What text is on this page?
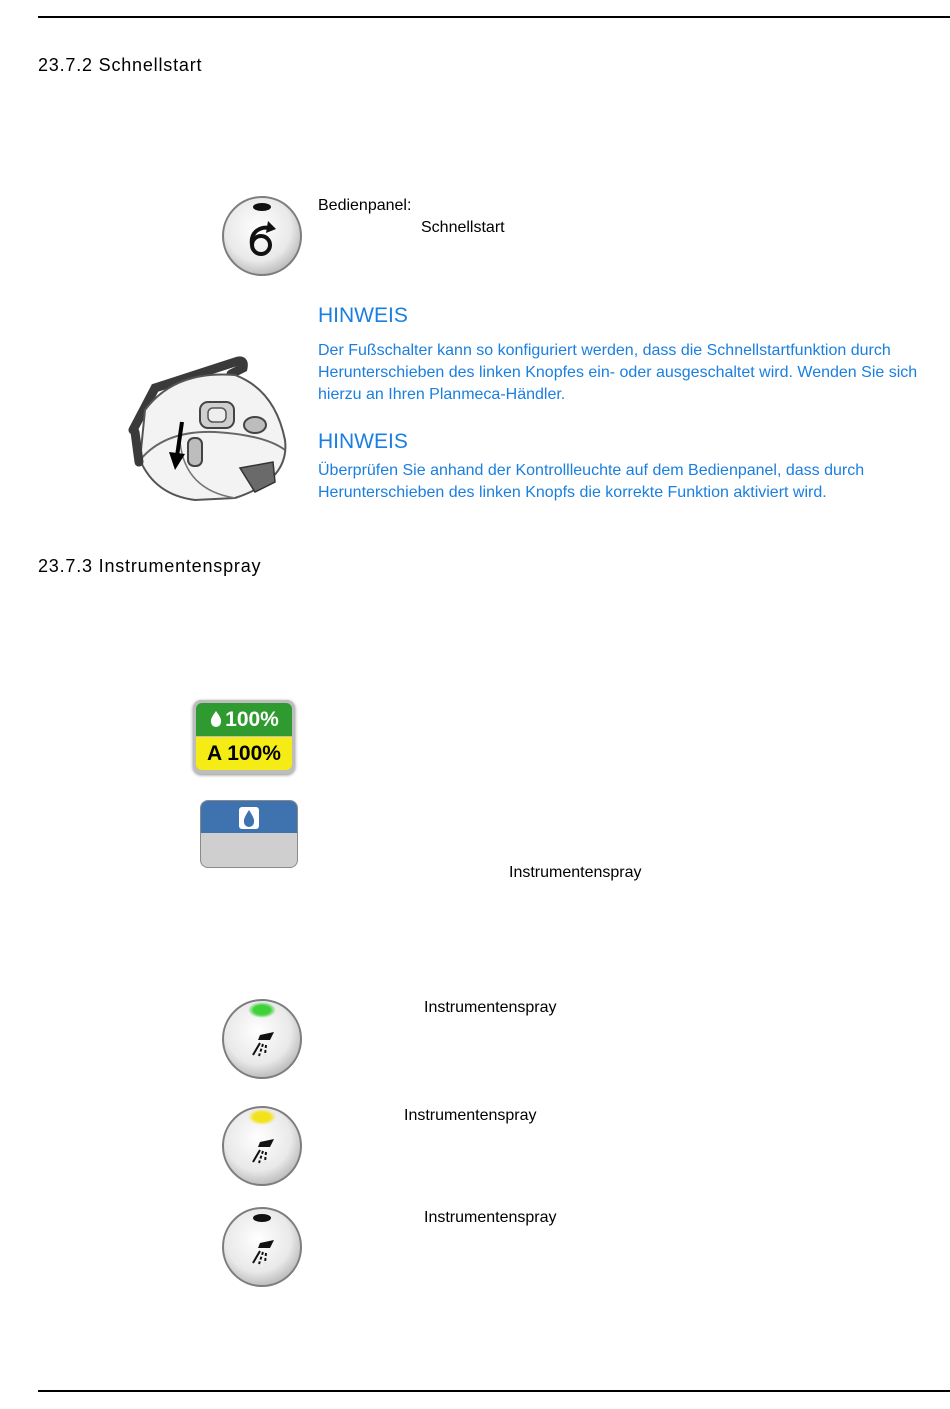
23.7.2 Schnellstart
Bedienpanel:
Schnellstart
HINWEIS
Der Fußschalter kann so konfiguriert werden, dass die Schnellstartfunktion durch Herunterschieben des linken Knopfes ein- oder ausgeschaltet wird. Wenden Sie sich hierzu an Ihren Planmeca-Händler.
HINWEIS
Überprüfen Sie anhand der Kontrollleuchte auf dem Bedienpanel, dass durch Herunterschieben des linken Knopfs die korrekte Funktion aktiviert wird.
23.7.3 Instrumentenspray
100%
A 100%
Instrumentenspray
Instrumentenspray
Instrumentenspray
Instrumentenspray
